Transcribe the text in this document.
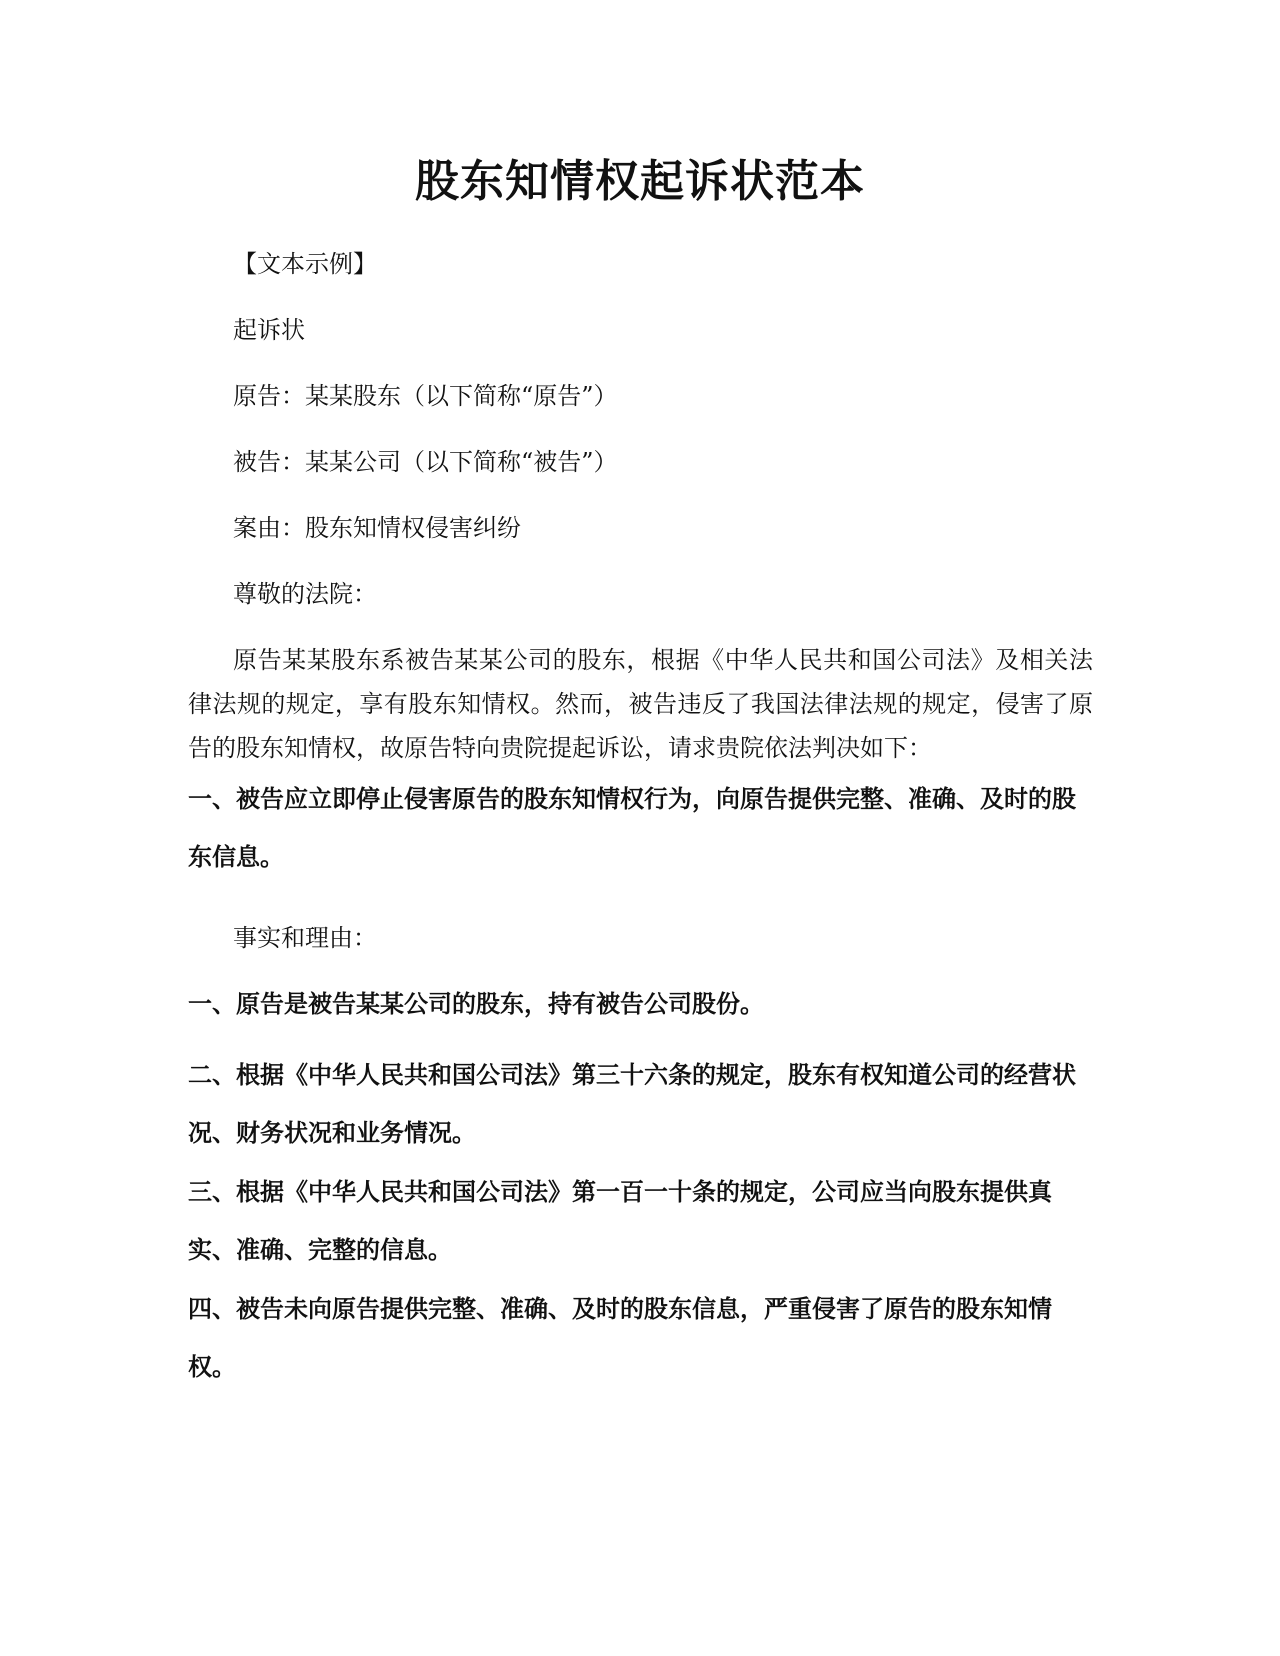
股东知情权起诉状范本

【文本示例】

起诉状

原告：某某股东（以下简称“原告”）

被告：某某公司（以下简称“被告”）

案由：股东知情权侵害纠纷

尊敬的法院：

原告某某股东系被告某某公司的股东，根据《中华人民共和国公司法》及相关法律法规的规定，享有股东知情权。然而，被告违反了我国法律法规的规定，侵害了原告的股东知情权，故原告特向贵院提起诉讼，请求贵院依法判决如下：

一、被告应立即停止侵害原告的股东知情权行为，向原告提供完整、准确、及时的股东信息。

事实和理由：

一、原告是被告某某公司的股东，持有被告公司股份。

二、根据《中华人民共和国公司法》第三十六条的规定，股东有权知道公司的经营状况、财务状况和业务情况。

三、根据《中华人民共和国公司法》第一百一十条的规定，公司应当向股东提供真实、准确、完整的信息。

四、被告未向原告提供完整、准确、及时的股东信息，严重侵害了原告的股东知情权。
